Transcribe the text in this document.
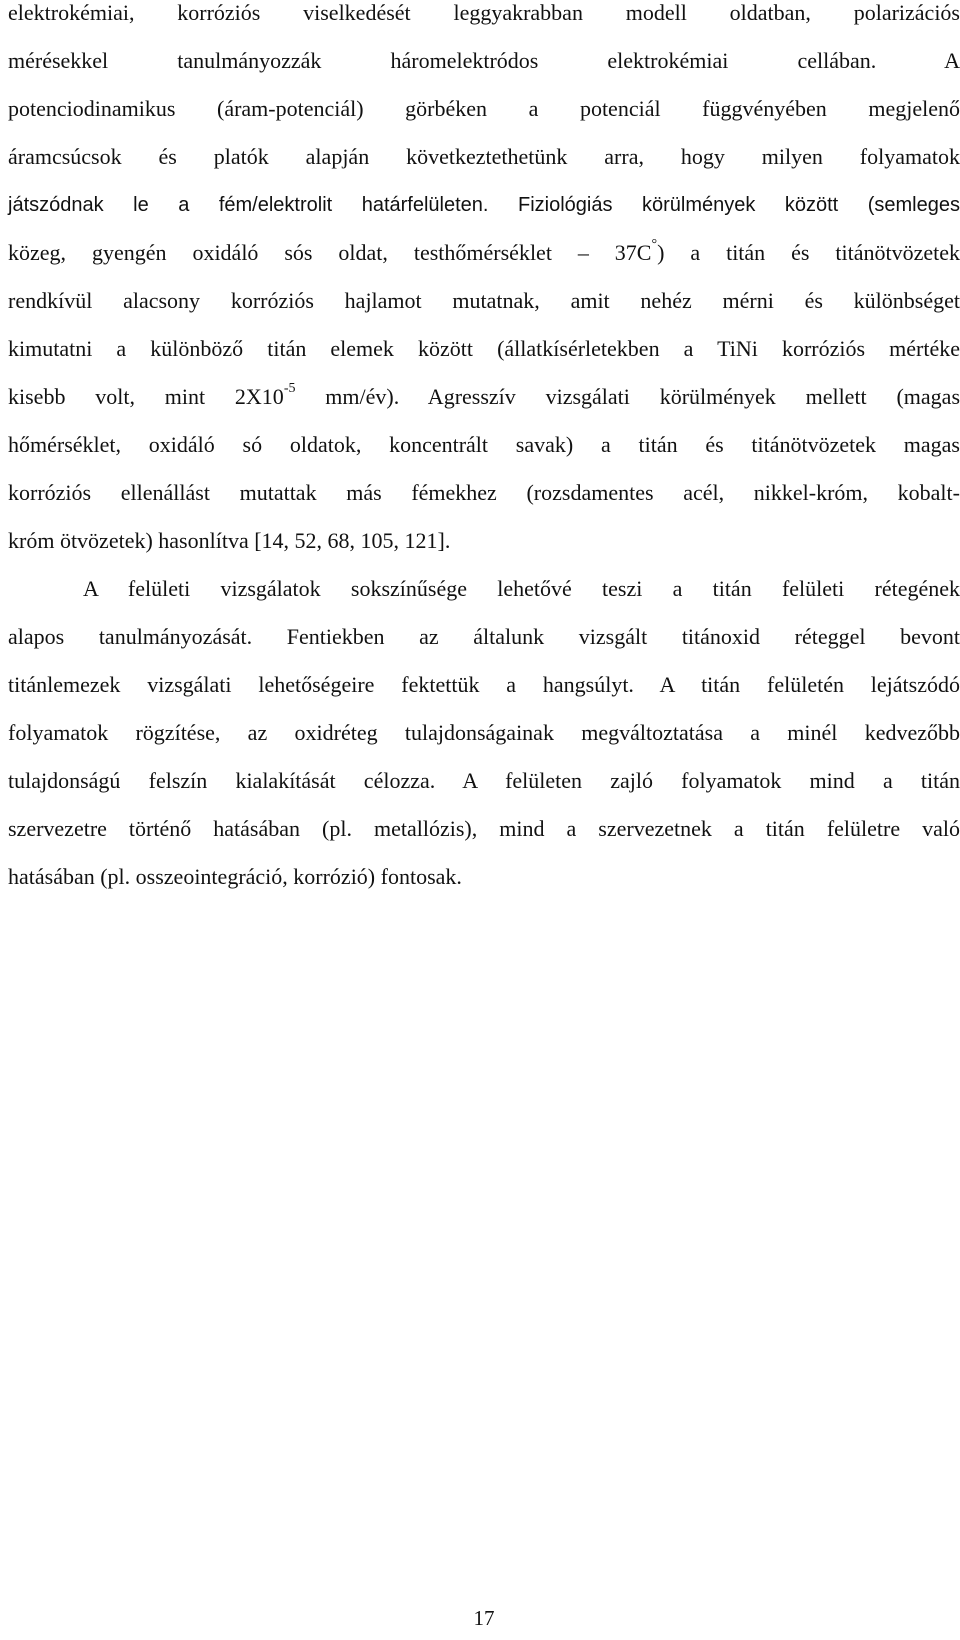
elektrokémiai, korróziós viselkedését leggyakrabban modell oldatban, polarizációs
mérésekkel tanulmányozzák háromelektródos elektrokémiai cellában. A
potenciodinamikus (áram-potenciál) görbéken a potenciál függvényében megjelenő
áramcsúcsok és platók alapján következtethetünk arra, hogy milyen folyamatok
játszódnak le a fém/elektrolit határfelületen. Fiziológiás körülmények között (semleges
közeg, gyengén oxidáló sós oldat, testhőmérséklet – 37C°) a titán és titánötvözetek
rendkívül alacsony korróziós hajlamot mutatnak, amit nehéz mérni és különbséget
kimutatni a különböző titán elemek között (állatkísérletekben a TiNi korróziós mértéke
kisebb volt, mint $2X10^{-5}$ mm/év). Agresszív vizsgálati körülmények mellett (magas
hőmérséklet, oxidáló só oldatok, koncentrált savak) a titán és titánötvözetek magas
korróziós ellenállást mutattak más fémekhez (rozsdamentes acél, nikkel-króm, kobalt-
króm ötvözetek) hasonlítva [14, 52, 68, 105, 121].
A felületi vizsgálatok sokszínűsége lehetővé teszi a titán felületi rétegének
alapos tanulmányozását. Fentiekben az általunk vizsgált titánoxid réteggel bevont
titánlemezek vizsgálati lehetőségeire fektettük a hangsúlyt. A titán felületén lejátszódó
folyamatok rögzítése, az oxidréteg tulajdonságainak megváltoztatása a minél kedvezőbb
tulajdonságú felszín kialakítását célozza. A felületen zajló folyamatok mind a titán
szervezetre történő hatásában (pl. metallózis), mind a szervezetnek a titán felületre való
hatásában (pl. osszeointegráció, korrózió) fontosak.
17
